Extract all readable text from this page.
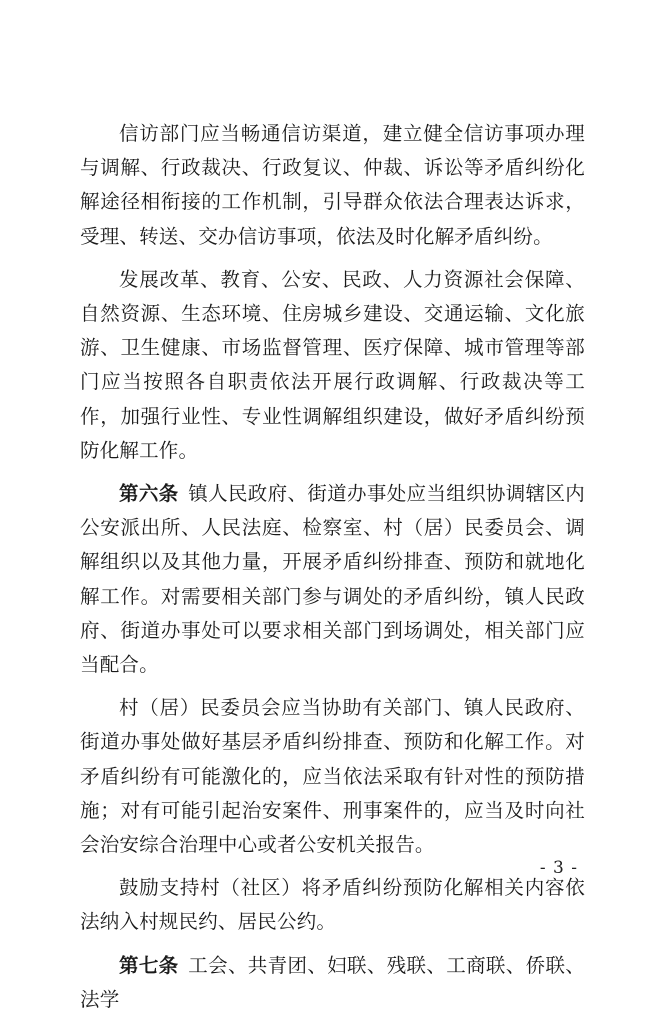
信访部门应当畅通信访渠道，建立健全信访事项办理与调解、行政裁决、行政复议、仲裁、诉讼等矛盾纠纷化解途径相衔接的工作机制，引导群众依法合理表达诉求，受理、转送、交办信访事项，依法及时化解矛盾纠纷。

发展改革、教育、公安、民政、人力资源社会保障、自然资源、生态环境、住房城乡建设、交通运输、文化旅游、卫生健康、市场监督管理、医疗保障、城市管理等部门应当按照各自职责依法开展行政调解、行政裁决等工作，加强行业性、专业性调解组织建设，做好矛盾纠纷预防化解工作。

第六条 镇人民政府、街道办事处应当组织协调辖区内公安派出所、人民法庭、检察室、村（居）民委员会、调解组织以及其他力量，开展矛盾纠纷排查、预防和就地化解工作。对需要相关部门参与调处的矛盾纠纷，镇人民政府、街道办事处可以要求相关部门到场调处，相关部门应当配合。

村（居）民委员会应当协助有关部门、镇人民政府、街道办事处做好基层矛盾纠纷排查、预防和化解工作。对矛盾纠纷有可能激化的，应当依法采取有针对性的预防措施；对有可能引起治安案件、刑事案件的，应当及时向社会治安综合治理中心或者公安机关报告。

鼓励支持村（社区）将矛盾纠纷预防化解相关内容依法纳入村规民约、居民公约。

第七条 工会、共青团、妇联、残联、工商联、侨联、法学

- 3 -
